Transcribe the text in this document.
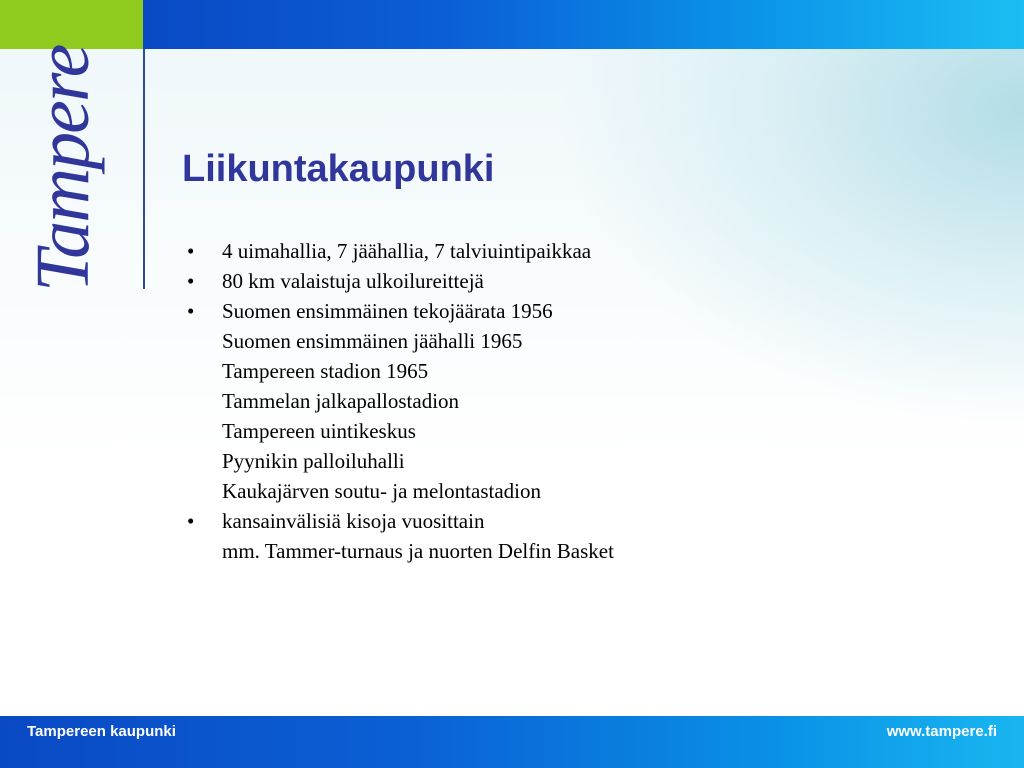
Tampere Liikuntakaupunki
•	4 uimahallia, 7 jäähallia, 7 talviuintipaikkaa
•	80 km valaistuja ulkoilureittejä
•	Suomen ensimmäinen tekojäärata 1956
Suomen ensimmäinen jäähalli 1965
Tampereen stadion 1965
Tammelan jalkapallostadion
Tampereen uintikeskus
Pyynikin palloiluhalli
Kaukajärven soutu- ja melontastadion
•	kansainvälisiä kisoja vuosittain
mm. Tammer-turnaus ja nuorten Delfin Basket
Tampereen kaupunki	www.tampere.fi
